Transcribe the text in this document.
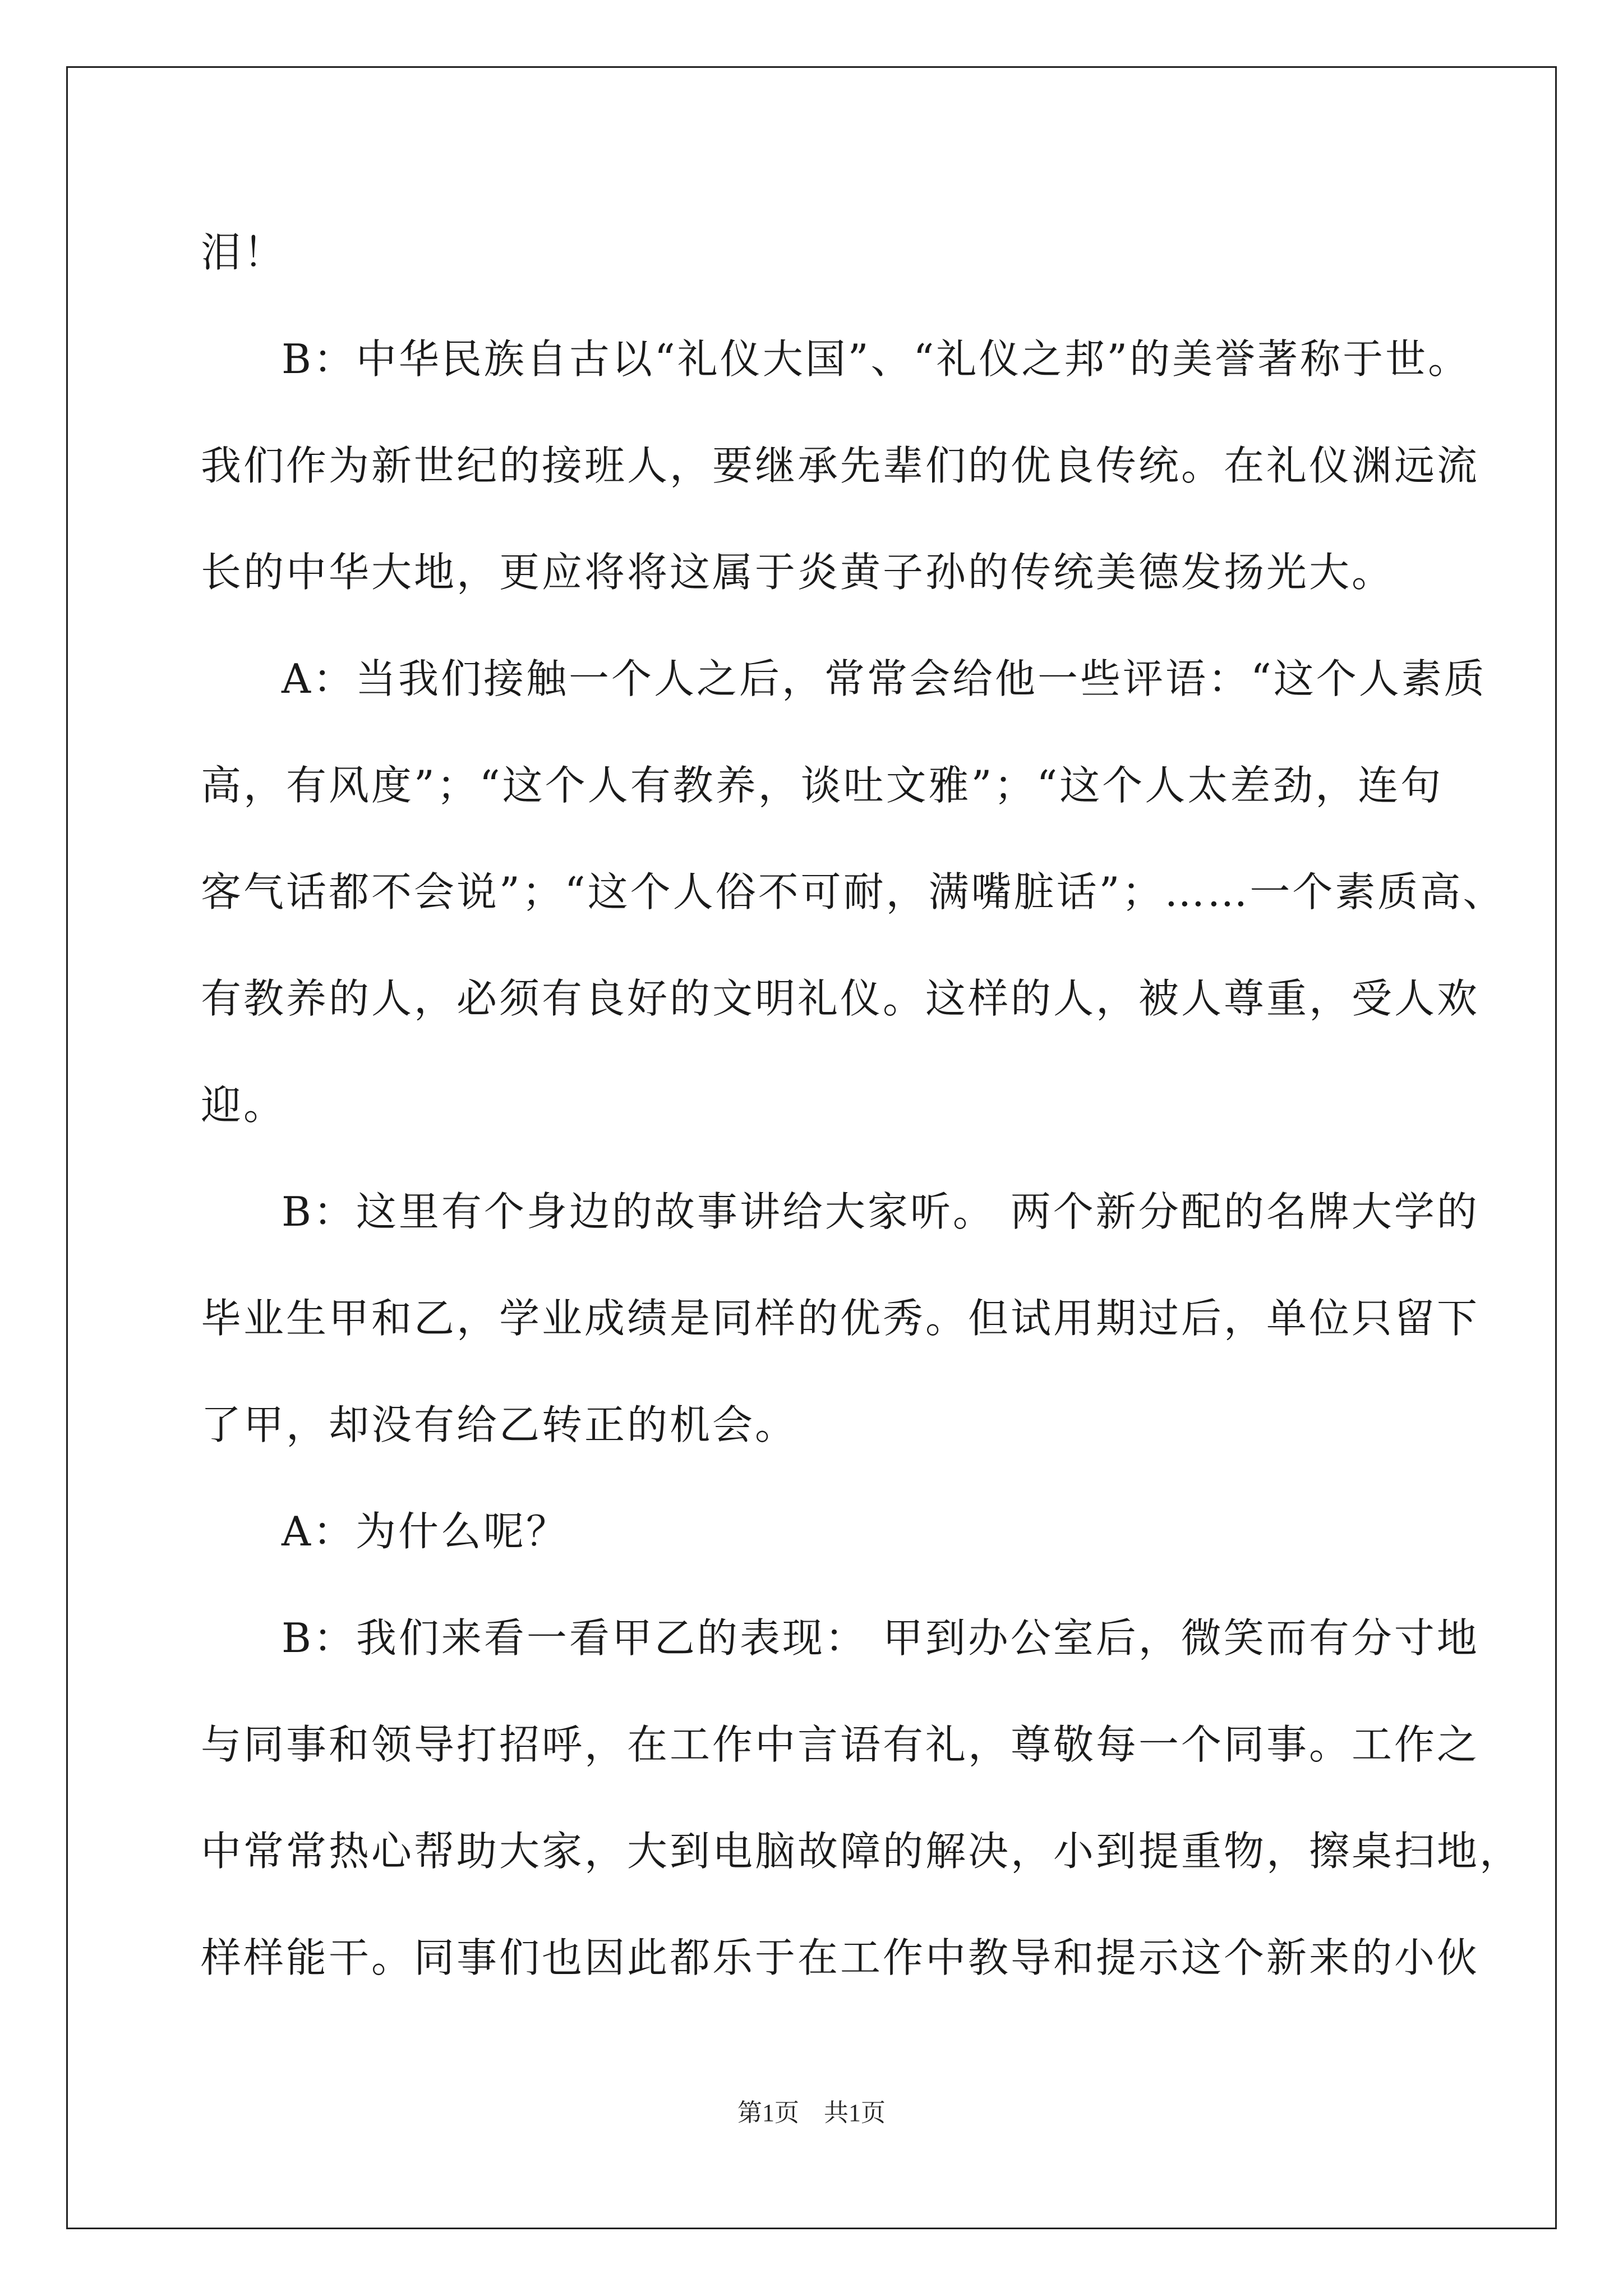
泪！
B：中华民族自古以“礼仪大国”、“礼仪之邦”的美誉著称于世。
我们作为新世纪的接班人，要继承先辈们的优良传统。在礼仪渊远流
长的中华大地，更应将将这属于炎黄子孙的传统美德发扬光大。
A：当我们接触一个人之后，常常会给他一些评语：“这个人素质
高，有风度”；“这个人有教养，谈吐文雅”；“这个人太差劲，连句
客气话都不会说”；“这个人俗不可耐，满嘴脏话”；……一个素质高、
有教养的人，必须有良好的文明礼仪。这样的人，被人尊重，受人欢
迎。
B：这里有个身边的故事讲给大家听。 两个新分配的名牌大学的
毕业生甲和乙，学业成绩是同样的优秀。但试用期过后，单位只留下
了甲，却没有给乙转正的机会。
A：为什么呢？
B：我们来看一看甲乙的表现： 甲到办公室后，微笑而有分寸地
与同事和领导打招呼，在工作中言语有礼，尊敬每一个同事。工作之
中常常热心帮助大家，大到电脑故障的解决，小到提重物，擦桌扫地，
样样能干。同事们也因此都乐于在工作中教导和提示这个新来的小伙
第1页　共1页
